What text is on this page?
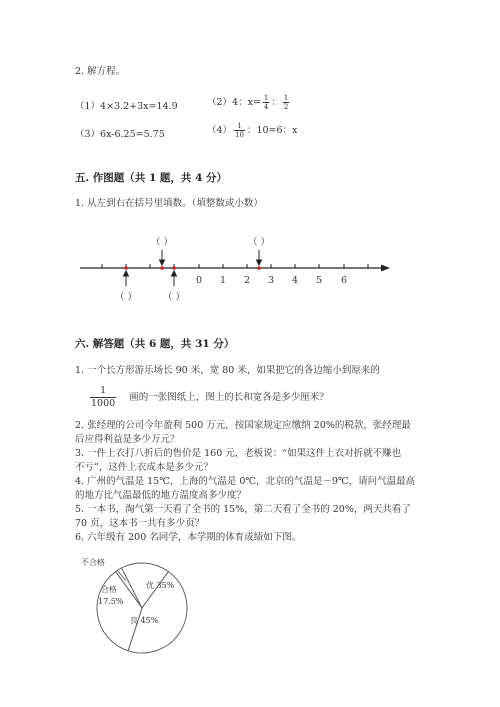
2. 解方程。
（1）4×3.2+3x=14.9	（2）4：$x= \frac{1}{4}$ ： $\frac{1}{2}$
（3）6x-6.25=5.75	$(4) \frac{1}{10}$ ：10=6：x
五. 作图题（共 1 题，共 4 分）
1. 从左到右在括号里填数。（填整数或小数）
0 1 2 3 4 5 6
（ ）	（ ）
（ ）	（ ）
六. 解答题（共 6 题，共 31 分）
1. 一个长方形游乐场长 90 米，宽 80 米，如果把它的各边缩小到原来的
$\frac{1}{1000}$ 画的一张图纸上，图上的长和宽各是多少厘米？
2. 张经理的公司今年盈利 500 万元，按国家规定应缴纳 20%的税款，张经理最
后应得利益是多少万元？
3. 一件上衣打八折后的售价是 160 元，老板说：“如果这件上衣对折就不赚也
不亏”，这件上衣成本是多少元？
4. 广州的气温是 15℃，上海的气温是 0℃，北京的气温是－9℃，请问气温最高
的地方比气温最低的地方温度高多少度？
5. 一本书，淘气第一天看了全书的 15%，第二天看了全书的 20%，两天共看了
70 页，这本书一共有多少页？
6. 六年级有 200 名同学，本学期的体育成绩如下图。
不合格
合格
17.5%
优 35%
良 45%
